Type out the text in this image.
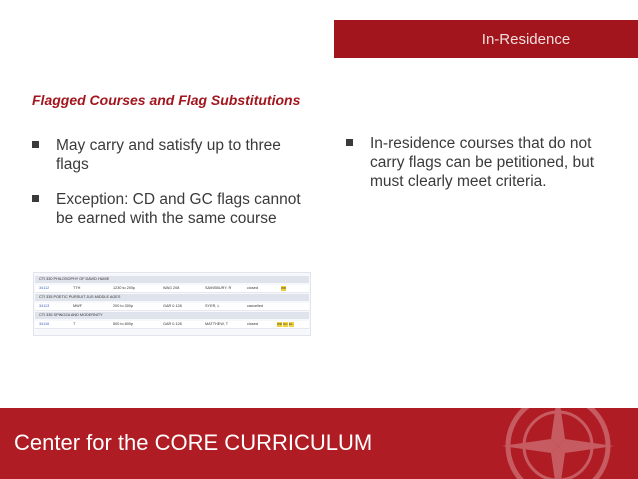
In-Residence
Flagged Courses and Flag Substitutions
May carry and satisfy up to three flags
Exception: CD and GC flags cannot be earned with the same course
In-residence courses that do not carry flags can be petitioned, but must clearly meet criteria.
CTI 330 PHILOSOPHY OF DAVID HUME
34112	TTH	1230 to 200p	WAG 208	SAINSBURY, R	closed	WR
CTI 335 POETIC PURSUIT JUS MIDDLE AGES
34113	MWF	200 to 300p	GAR 0.128	SYER, L	cancelled
CTI 335 SPINOZA AND MODERNITY
34116	T	500 to 800p	GAR 0.128	MATTHEW, T	closed	WR GC EL
Center for the CORE CURRICULUM
